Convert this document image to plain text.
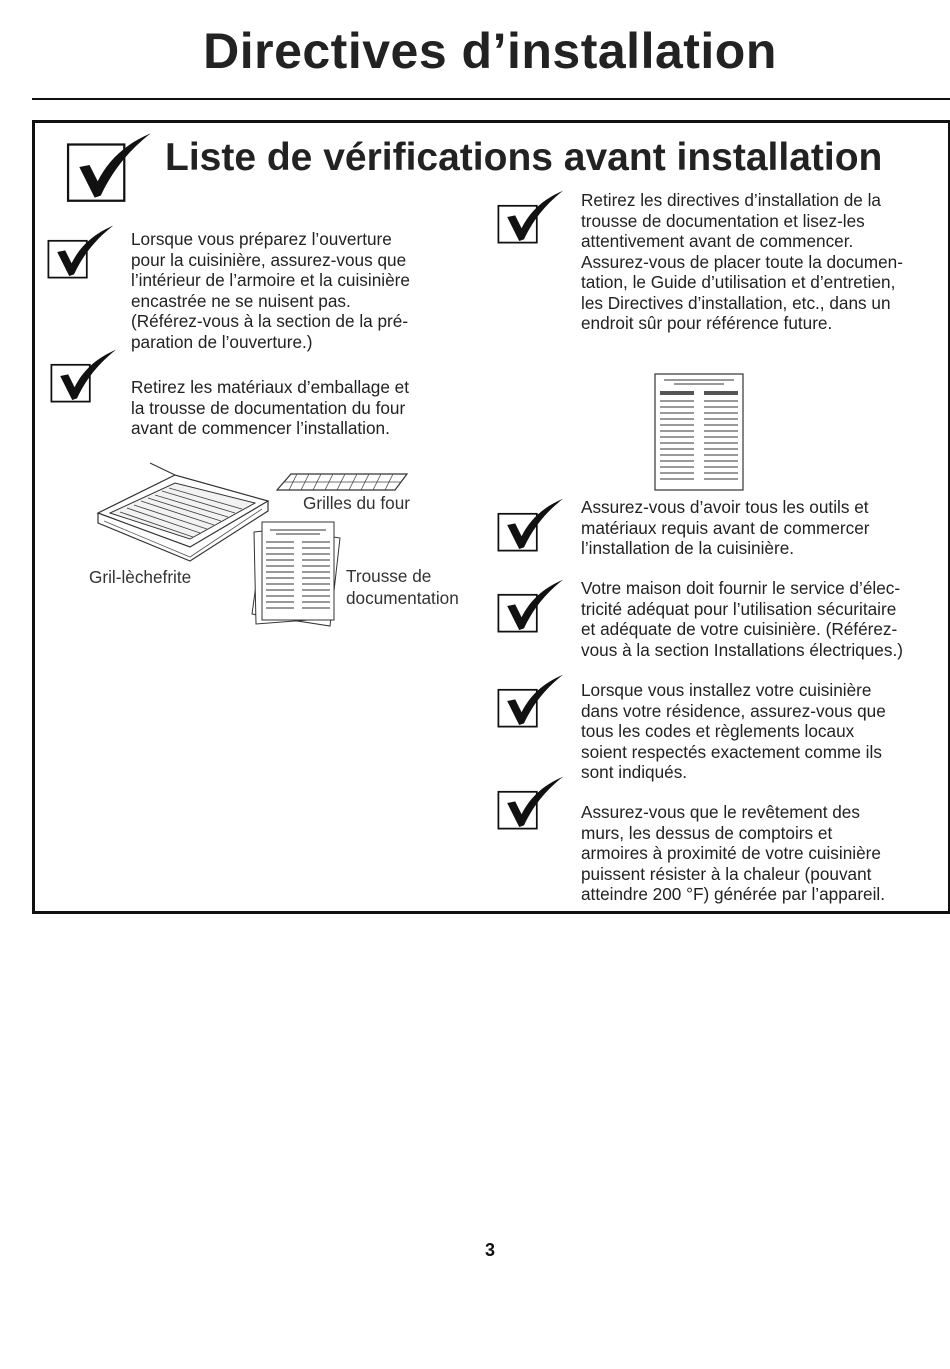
Directives d’installation
Liste de vérifications avant installation

Lorsque vous préparez l’ouverture
pour la cuisinière, assurez-vous que
l’intérieur de l’armoire et la cuisinière
encastrée ne se nuisent pas.
(Référez-vous à la section de la pré-
paration de l’ouverture.)

Retirez les matériaux d’emballage et
la trousse de documentation du four
avant de commencer l’installation.

Grilles du four
Gril-lèchefrite	Trousse de
documentation

Retirez les directives d’installation de la
trousse de documentation et lisez-les
attentivement avant de commencer.
Assurez-vous de placer toute la documen-
tation, le Guide d’utilisation et d’entretien,
les Directives d’installation, etc., dans un
endroit sûr pour référence future.

Assurez-vous d’avoir tous les outils et
matériaux requis avant de commercer
l’installation de la cuisinière.

Votre maison doit fournir le service d’élec-
tricité adéquat pour l’utilisation sécuritaire
et adéquate de votre cuisinière. (Référez-
vous à la section Installations électriques.)

Lorsque vous installez votre cuisinière
dans votre résidence, assurez-vous que
tous les codes et règlements locaux
soient respectés exactement comme ils
sont indiqués.

Assurez-vous que le revêtement des
murs, les dessus de comptoirs et
armoires à proximité de votre cuisinière
puissent résister à la chaleur (pouvant
atteindre 200 °F) générée par l’appareil.

3
